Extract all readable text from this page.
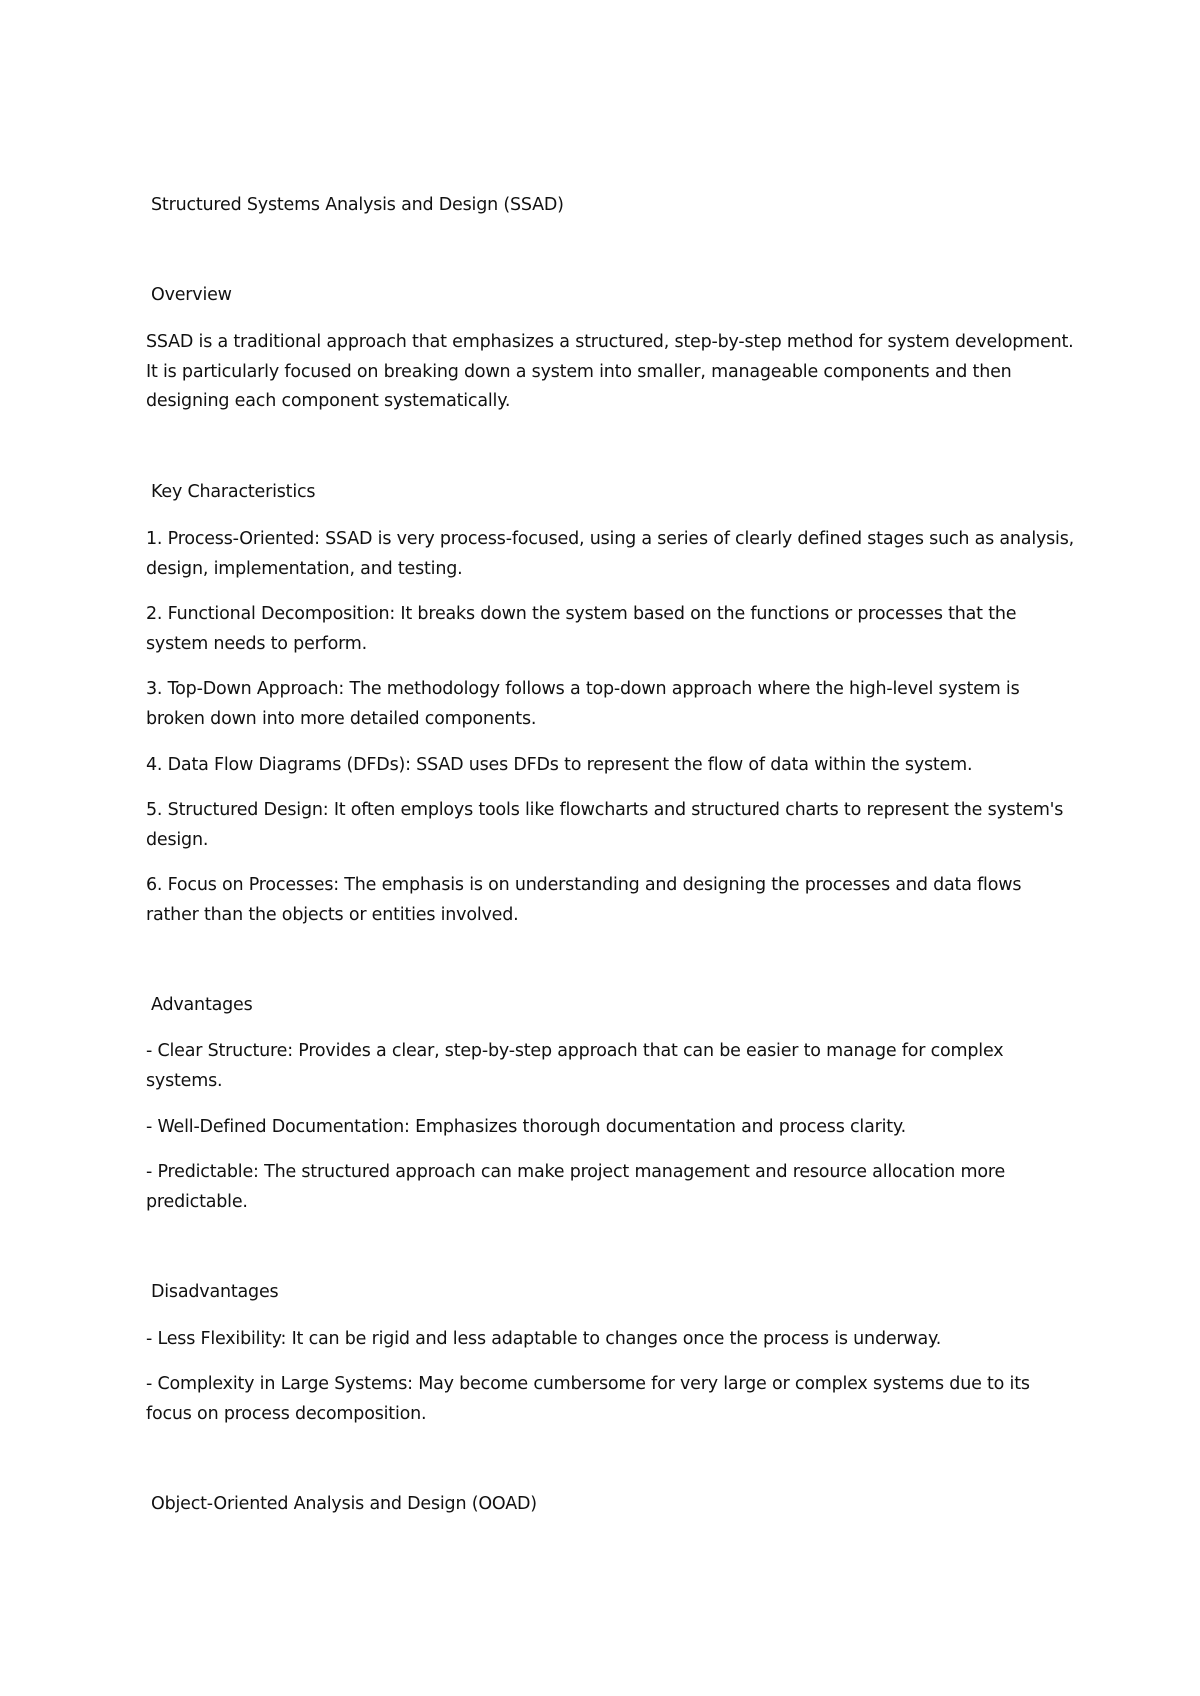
Structured Systems Analysis and Design (SSAD)
Overview
SSAD is a traditional approach that emphasizes a structured, step-by-step method for system development. It is particularly focused on breaking down a system into smaller, manageable components and then designing each component systematically.
Key Characteristics
1. Process-Oriented: SSAD is very process-focused, using a series of clearly defined stages such as analysis, design, implementation, and testing.
2. Functional Decomposition: It breaks down the system based on the functions or processes that the system needs to perform.
3. Top-Down Approach: The methodology follows a top-down approach where the high-level system is broken down into more detailed components.
4. Data Flow Diagrams (DFDs): SSAD uses DFDs to represent the flow of data within the system.
5. Structured Design: It often employs tools like flowcharts and structured charts to represent the system's design.
6. Focus on Processes: The emphasis is on understanding and designing the processes and data flows rather than the objects or entities involved.
Advantages
- Clear Structure: Provides a clear, step-by-step approach that can be easier to manage for complex systems.
- Well-Defined Documentation: Emphasizes thorough documentation and process clarity.
- Predictable: The structured approach can make project management and resource allocation more predictable.
Disadvantages
- Less Flexibility: It can be rigid and less adaptable to changes once the process is underway.
- Complexity in Large Systems: May become cumbersome for very large or complex systems due to its focus on process decomposition.
Object-Oriented Analysis and Design (OOAD)
